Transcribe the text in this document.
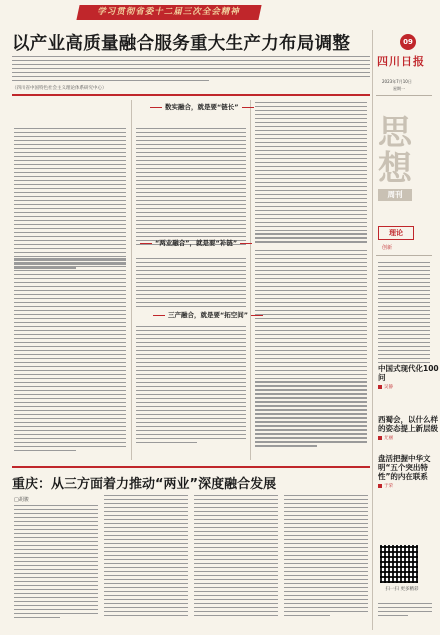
学习贯彻省委十二届三次全会精神
以产业高质量融合服务重大生产力布局调整
（四川省中国特色社会主义理论体系研究中心）
09
四川日报
2023年7月10日
星期一
思想
周刊
理论
创新
数实融合，就是要“链长”
“两业融合”，就是要“补链”
三产融合，就是要“拓空间”
中国式现代化100问
吴静
西蜀会，以什么样的姿态提上新层级
尤丽
盘活把握中华文明“五个突出特性”的内在联系
于荣
重庆：从三方面着力推动“两业”深度融合发展
□胡骏
扫一扫 更多精彩
